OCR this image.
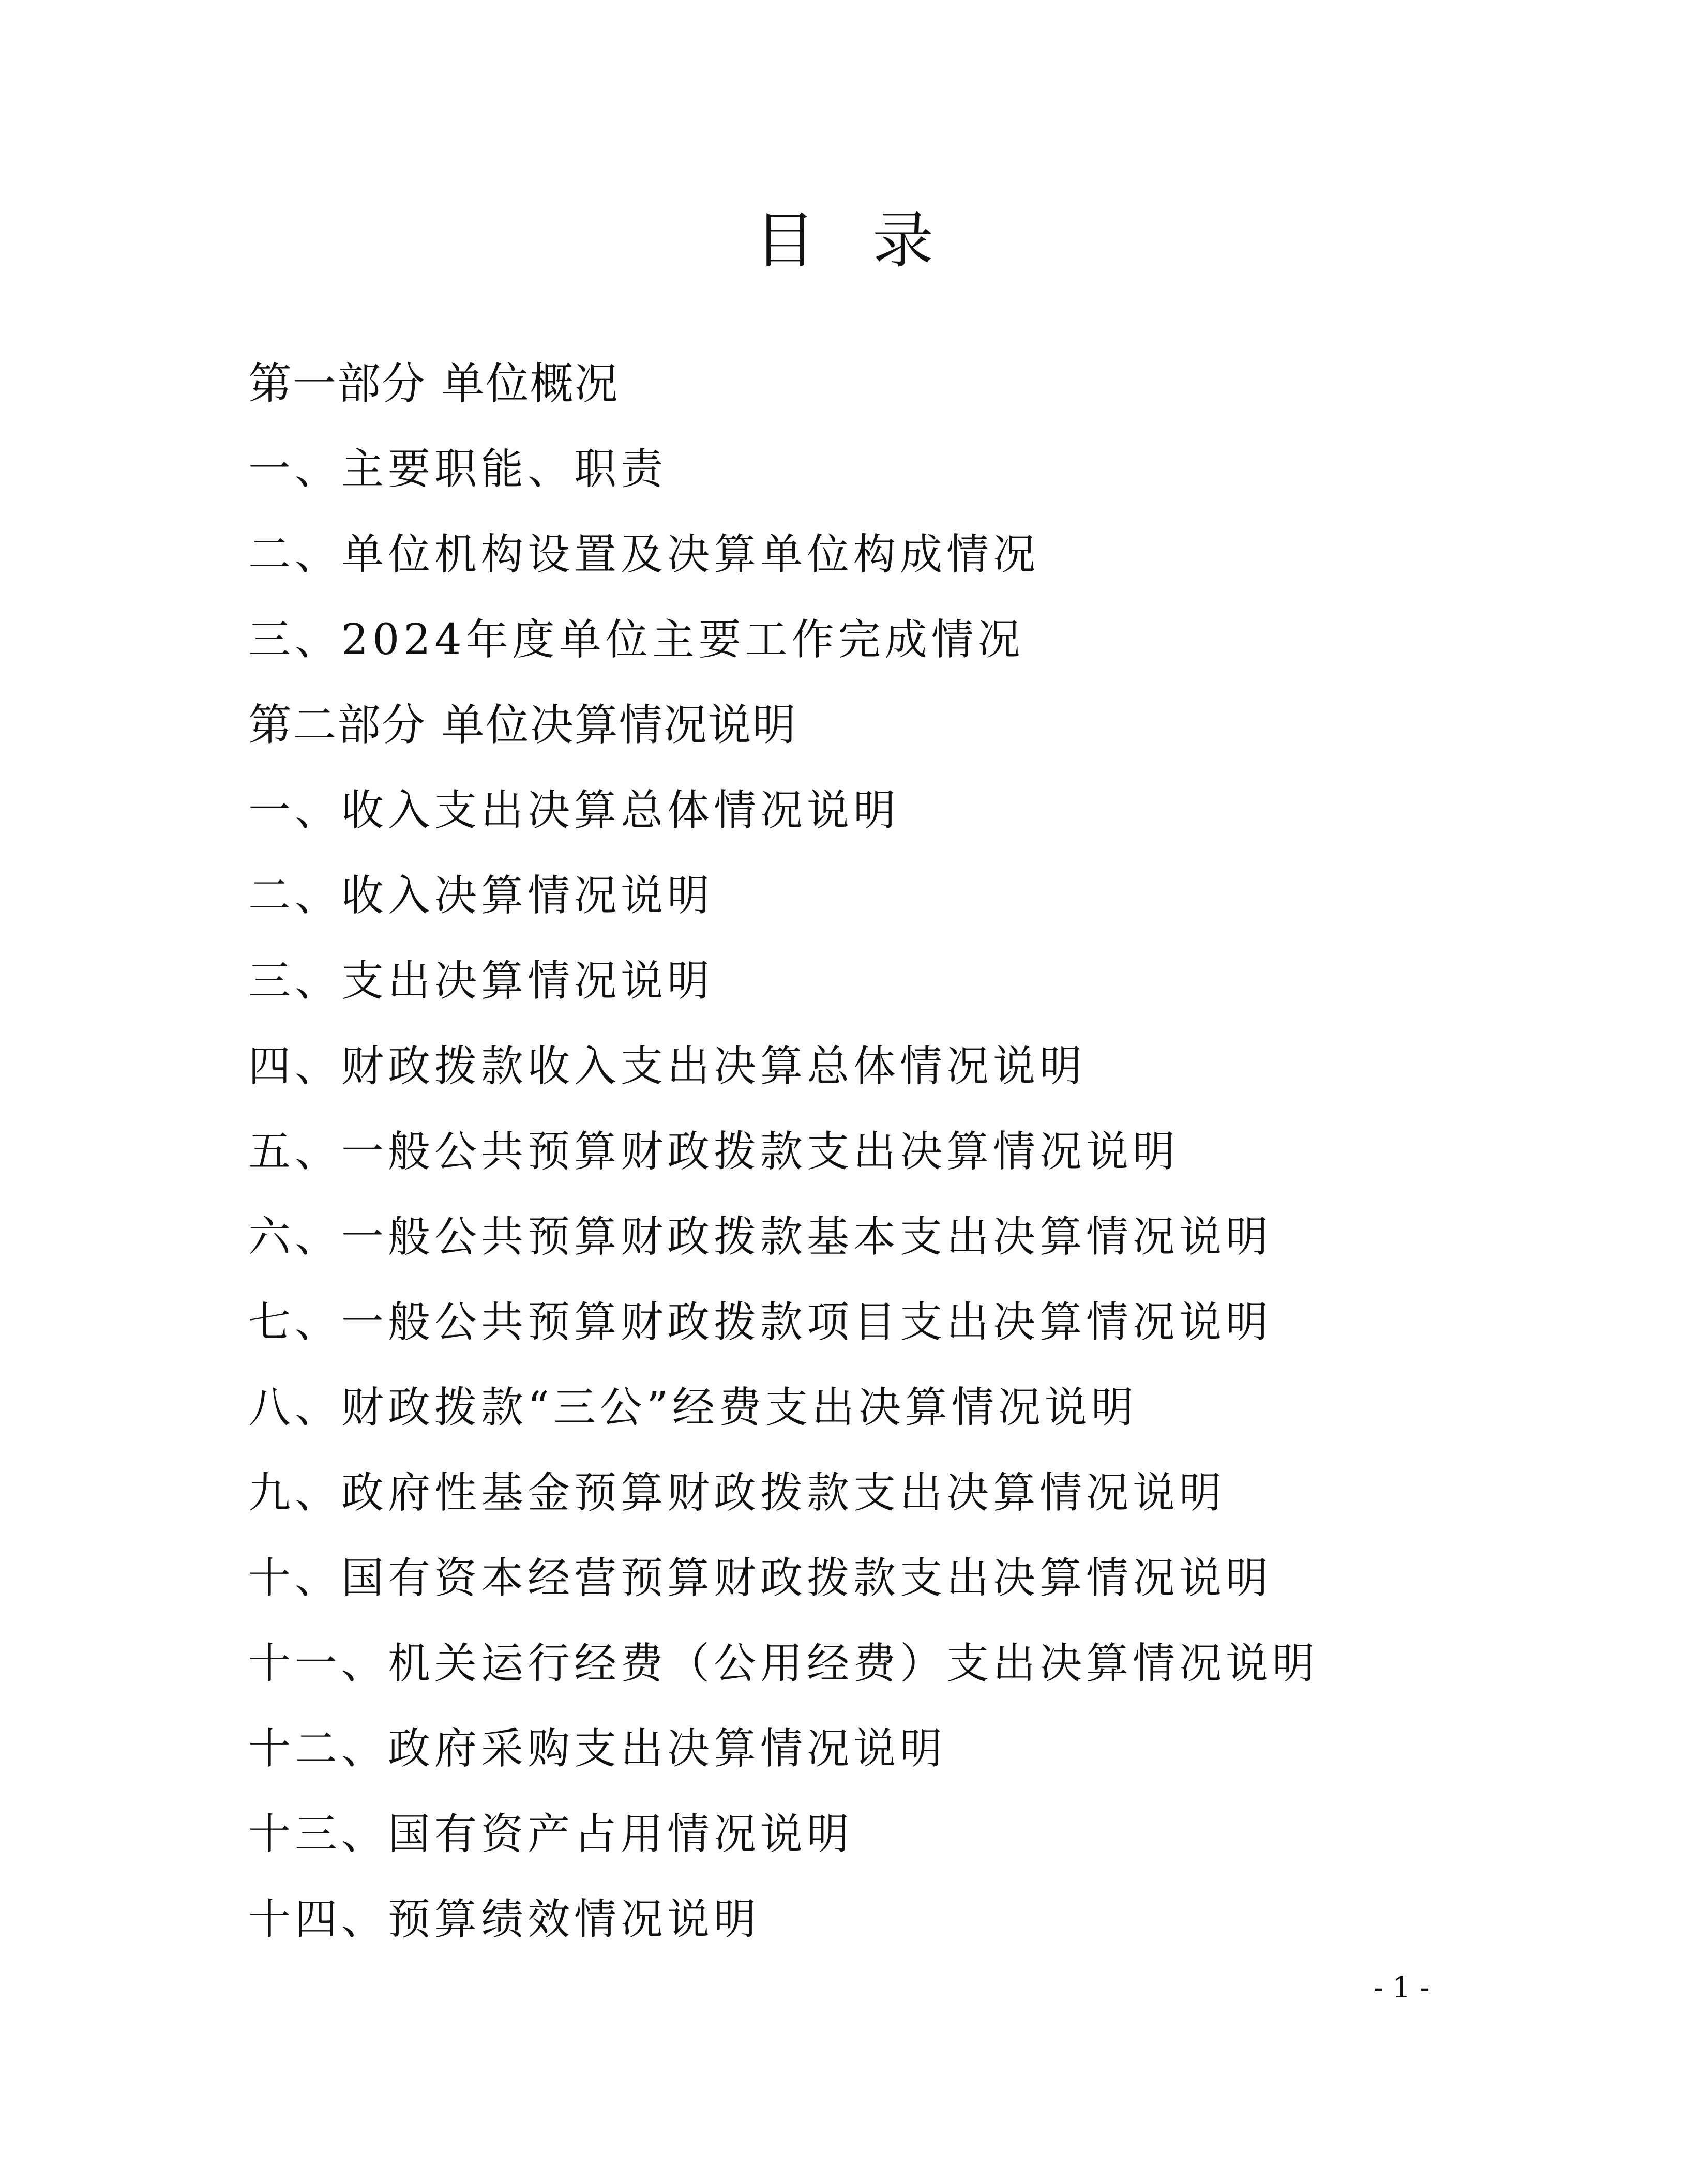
目录
第一部分 单位概况
一、主要职能、职责
二、单位机构设置及决算单位构成情况
三、2024年度单位主要工作完成情况
第二部分 单位决算情况说明
一、收入支出决算总体情况说明
二、收入决算情况说明
三、支出决算情况说明
四、财政拨款收入支出决算总体情况说明
五、一般公共预算财政拨款支出决算情况说明
六、一般公共预算财政拨款基本支出决算情况说明
七、一般公共预算财政拨款项目支出决算情况说明
八、财政拨款“三公”经费支出决算情况说明
九、政府性基金预算财政拨款支出决算情况说明
十、国有资本经营预算财政拨款支出决算情况说明
十一、机关运行经费（公用经费）支出决算情况说明
十二、政府采购支出决算情况说明
十三、国有资产占用情况说明
十四、预算绩效情况说明
- 1 -
